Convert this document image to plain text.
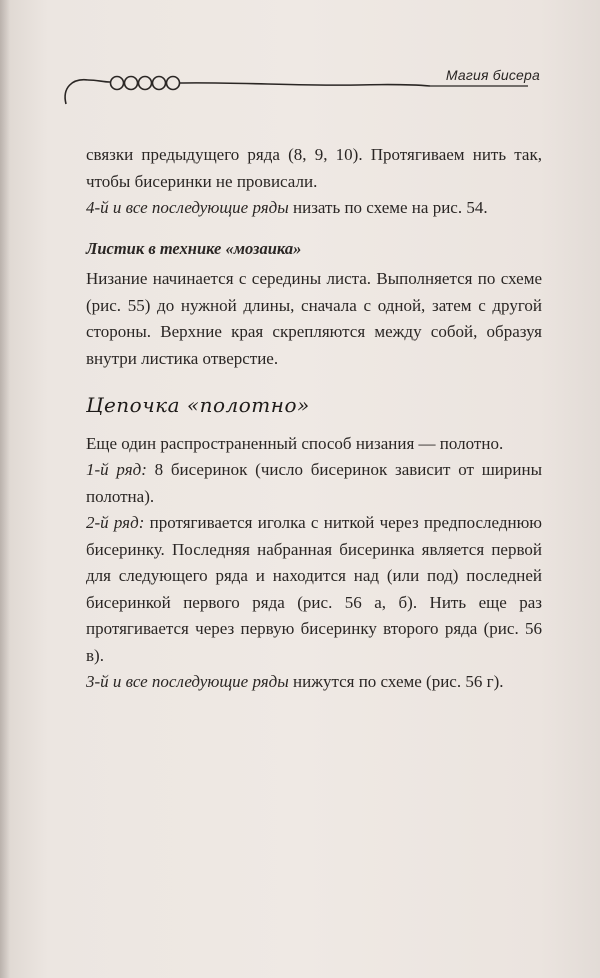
Магия бисера

связки предыдущего ряда (8, 9, 10). Протягиваем нить так, чтобы бисеринки не провисали.

4-й и все последующие ряды низать по схеме на рис. 54.

Листик в технике «мозаика»

Низание начинается с середины листа. Выполняется по схеме (рис. 55) до нужной длины, сначала с одной, затем с другой стороны. Верхние края скрепляются между собой, образуя внутри листика отверстие.

Цепочка «полотно»

Еще один распространенный способ низания — полотно.

1-й ряд: 8 бисеринок (число бисеринок зависит от ширины полотна).

2-й ряд: протягивается иголка с ниткой через предпоследнюю бисеринку. Последняя набранная бисеринка является первой для следующего ряда и находится над (или под) последней бисеринкой первого ряда (рис. 56 а, б). Нить еще раз протягивается через первую бисеринку второго ряда (рис. 56 в).

3-й и все последующие ряды нижутся по схеме (рис. 56 г).
